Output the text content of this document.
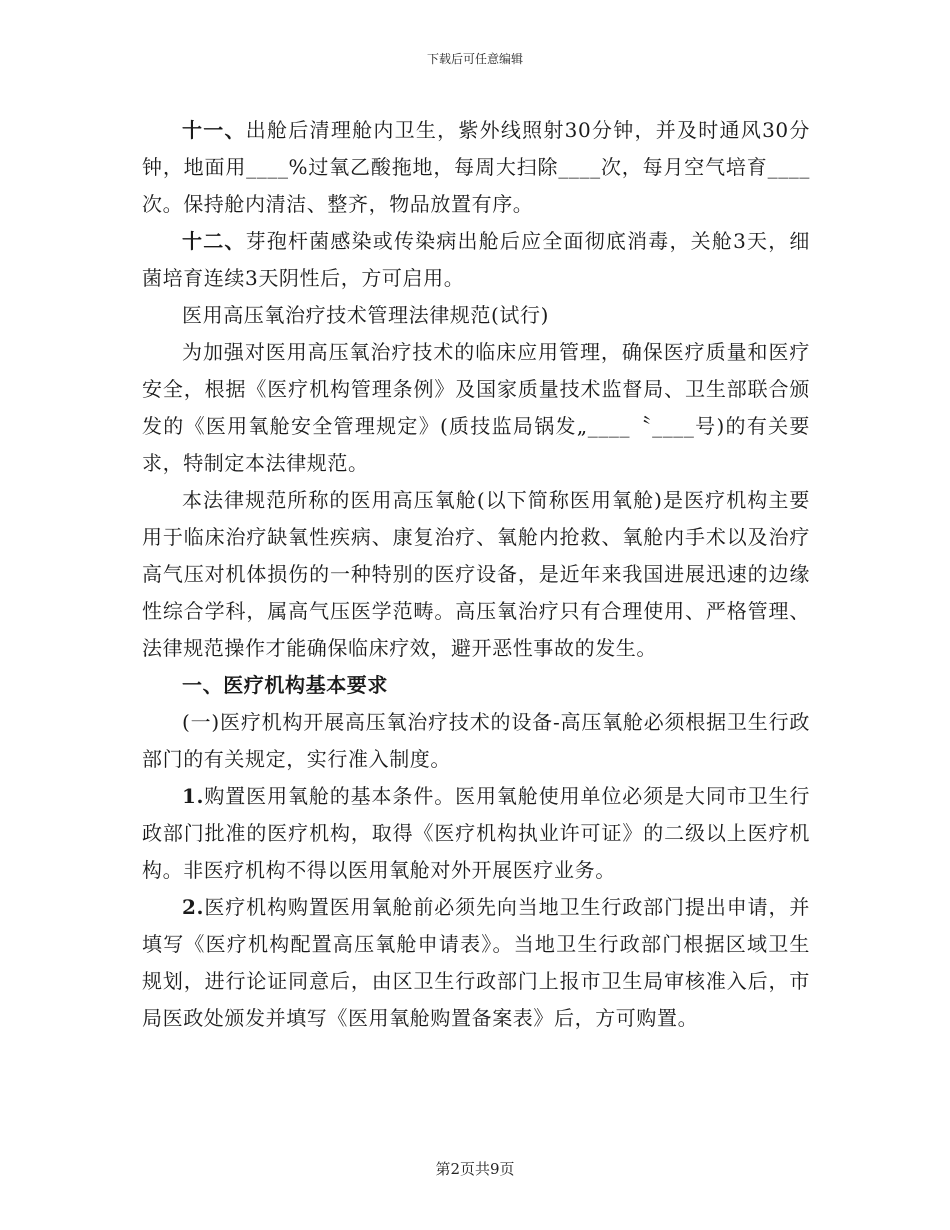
下载后可任意编辑

十一、出舱后清理舱内卫生，紫外线照射30分钟，并及时通风30分钟，地面用____%过氧乙酸拖地，每周大扫除____次，每月空气培育____次。保持舱内清洁、整齐，物品放置有序。

十二、芽孢杆菌感染或传染病出舱后应全面彻底消毒，关舱3天，细菌培育连续3天阴性后，方可启用。

医用高压氧治疗技术管理法律规范(试行)

为加强对医用高压氧治疗技术的临床应用管理，确保医疗质量和医疗安全，根据《医疗机构管理条例》及国家质量技术监督局、卫生部联合颁发的《医用氧舱安全管理规定》(质技监局锅发„____〝____号)的有关要求，特制定本法律规范。

本法律规范所称的医用高压氧舱(以下简称医用氧舱)是医疗机构主要用于临床治疗缺氧性疾病、康复治疗、氧舱内抢救、氧舱内手术以及治疗高气压对机体损伤的一种特别的医疗设备，是近年来我国进展迅速的边缘性综合学科，属高气压医学范畴。高压氧治疗只有合理使用、严格管理、法律规范操作才能确保临床疗效，避开恶性事故的发生。

一、医疗机构基本要求

(一)医疗机构开展高压氧治疗技术的设备-高压氧舱必须根据卫生行政部门的有关规定，实行准入制度。

1.购置医用氧舱的基本条件。医用氧舱使用单位必须是大同市卫生行政部门批准的医疗机构，取得《医疗机构执业许可证》的二级以上医疗机构。非医疗机构不得以医用氧舱对外开展医疗业务。

2.医疗机构购置医用氧舱前必须先向当地卫生行政部门提出申请，并填写《医疗机构配置高压氧舱申请表》。当地卫生行政部门根据区域卫生规划，进行论证同意后，由区卫生行政部门上报市卫生局审核准入后，市局医政处颁发并填写《医用氧舱购置备案表》后，方可购置。

第2页共9页
